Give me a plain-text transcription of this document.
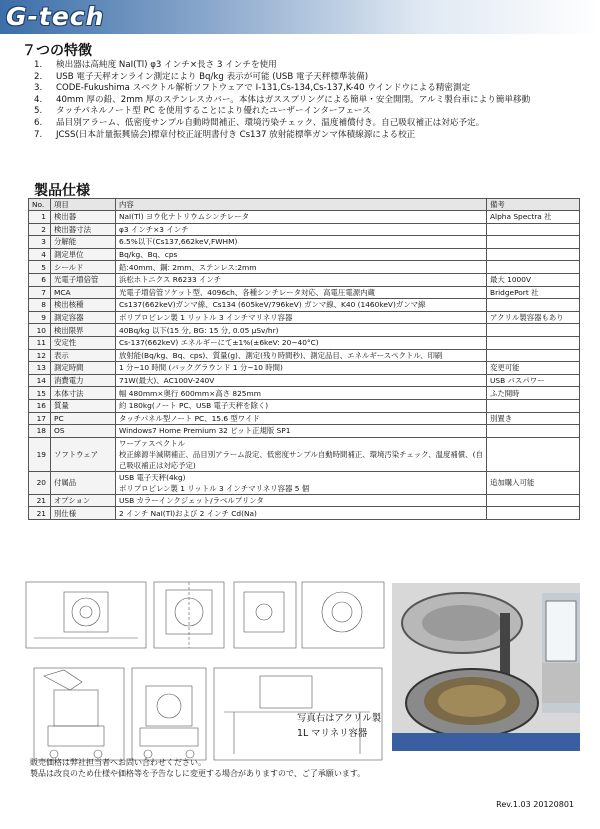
G-tech
７つの特徴
1. 検出器は高純度 NaI(Tl) φ3 インチ×長さ 3 インチを使用
2. USB 電子天秤オンライン測定により Bq/kg 表示が可能 (USB 電子天秤標準装備)
3. CODE-Fukushima スペクトル解析ソフトウェアで I-131,Cs-134,Cs-137,K-40 ウインドウによる精密測定
4. 40mm 厚の鉛、2mm 厚のステンレスカバー。本体はガススプリングによる簡単・安全開閉。アルミ製台車により簡単移動
5. タッチパネルノート型 PC を使用することにより優れたユーザーインターフェース
6. 品目別アラーム、低密度サンプル自動時間補正、環境汚染チェック、温度補償付き。自己吸収補正は対応予定。
7. JCSS(日本計量振興協会)標章付校正証明書付き Cs137 放射能標準ガンマ体積線源による校正
製品仕様
No.	項目	内容	備考
1	検出器	NaI(Tl) ヨウ化ナトリウムシンチレータ	Alpha Spectra 社
2	検出器寸法	φ3 インチ×3 インチ	
3	分解能	6.5%以下(Cs137,662keV,FWHM)	
4	測定単位	Bq/kg、Bq、cps	
5	シールド	鉛:40mm、鋼: 2mm、ステンレス:2mm	
6	光電子増倍管	浜松ホトニクス R6233 インチ	最大 1000V
7	MCA	光電子増倍管ソケット型、4096ch、各種シンチレータ対応、高電圧電源内蔵	BridgePort 社
8	検出核種	Cs137(662keV)ガンマ線、Cs134 (605keV/796keV) ガンマ線、K40 (1460keV)ガンマ線	
9	測定容器	ポリプロピレン製 1 リットル 3 インチマリネリ容器	アクリル製容器もあり
10	検出限界	40Bq/kg 以下(15 分, BG: 15 分, 0.05 μSv/hr)	
11	安定性	Cs-137(662keV) エネルギーにて±1%(±6keV: 20~40°C)	
12	表示	放射能(Bq/kg、Bq、cps)、質量(g)、測定(残り時間秒)、測定品目、エネルギースペクトル、印刷	
13	測定時間	1 分~10 時間 (バックグラウンド 1 分~10 時間)	変更可能
14	消費電力	71W(最大)、AC100V-240V	USB バスパワー
15	本体寸法	幅 480mm×奥行 600mm×高さ 825mm	ふた開時
16	質量	約 180kg(ノート PC、USB 電子天秤を除く)	
17	PC	タッチパネル型ノート PC、15.6 型ワイド	別置き
18	OS	Windows7 Home Premium 32 ビット正規版 SP1	
19	ソフトウェア	ワーブァスペクトル
校正線源半減期補正、品目別アラーム設定、低密度サンプル自動時間補正、環境汚染チェック、温度補償、(自己吸収補正は対応予定)	
20	付属品	USB 電子天秤(4kg)
ポリプロピレン製 1 リットル 3 インチマリネリ容器 5 個	追加購入可能
21	オプション	USB カラーインクジェット/ラベルプリンタ	
21	別仕様	2 インチ NaI(Tl)および 2 インチ Cd(Na)	
写真右はアクリル製
1L マリネリ容器
販売価格は弊社担当者へお問い合わせください。
製品は改良のため仕様や価格等を予告なしに変更する場合がありますので、ご了承願います。
Rev.1.03 20120801
